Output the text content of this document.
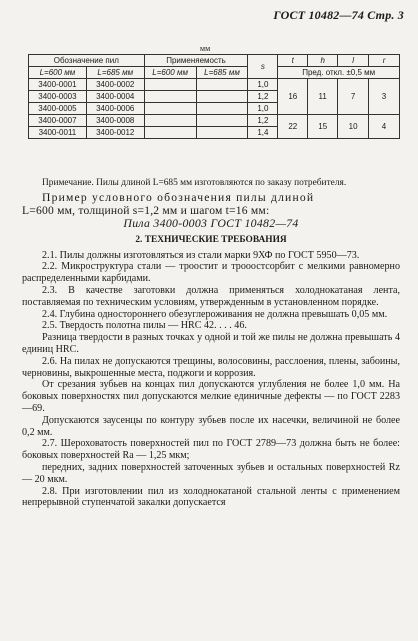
ГОСТ 10482—74 Стр. 3
мм
Обозначение пил		Применяемость		s	t	h	l	r
L=600 мм	L=685 мм	L=600 мм	L=685 мм		Пред. откл. ±0,5 мм			

3400-0001	3400-0002			1,0	16	11	7	3
3400-0003	3400-0004			1,2				
3400-0005	3400-0006			1,0				
3400-0007	3400-0008			1,2	22	15	10	4
3400-0011	3400-0012			1,4				

Примечание. Пилы длиной L=685 мм изготовляются по заказу потребителя.

Пример условного обозначения пилы длиной

L=600 мм, толщиной s=1,2 мм и шагом t=16 мм:

Пила 3400-0003 ГОСТ 10482—74

2. ТЕХНИЧЕСКИЕ ТРЕБОВАНИЯ

2.1. Пилы должны изготовляться из стали марки 9ХФ по ГОСТ 5950—73.

2.2. Микроструктура стали — троостит и трооостсорбит с мелкими равномерно распределенными карбидами.

2.3. В качестве заготовки должна применяться холоднокатаная лента, поставляемая по техническим условиям, утвержденным в установленном порядке.

2.4. Глубина одностороннего обезуглероживания не должна превышать 0,05 мм.

2.5. Твердость полотна пилы — HRC 42. . . . 46.

Разница твердости в разных точках у одной и той же пилы не должна превышать 4 единиц HRC.

2.6. На пилах не допускаются трещины, волосовины, расслоения, плены, забоины, черновины, выкрошенные места, поджоги и коррозия.

От срезания зубьев на концах пил допускаются углубления не более 1,0 мм. На боковых поверхностях пил допускаются мелкие единичные дефекты — по ГОСТ 2283—69.

Допускаются заусенцы по контуру зубьев после их насечки, величиной не более 0,2 мм.

2.7. Шероховатость поверхностей пил по ГОСТ 2789—73 должна быть не более: боковых поверхностей Ra — 1,25 мкм;

передних, задних поверхностей заточенных зубьев и остальных поверхностей Rz — 20 мкм.

2.8. При изготовлении пил из холоднокатаной стальной ленты с применением непрерывной ступенчатой закалки допускается
